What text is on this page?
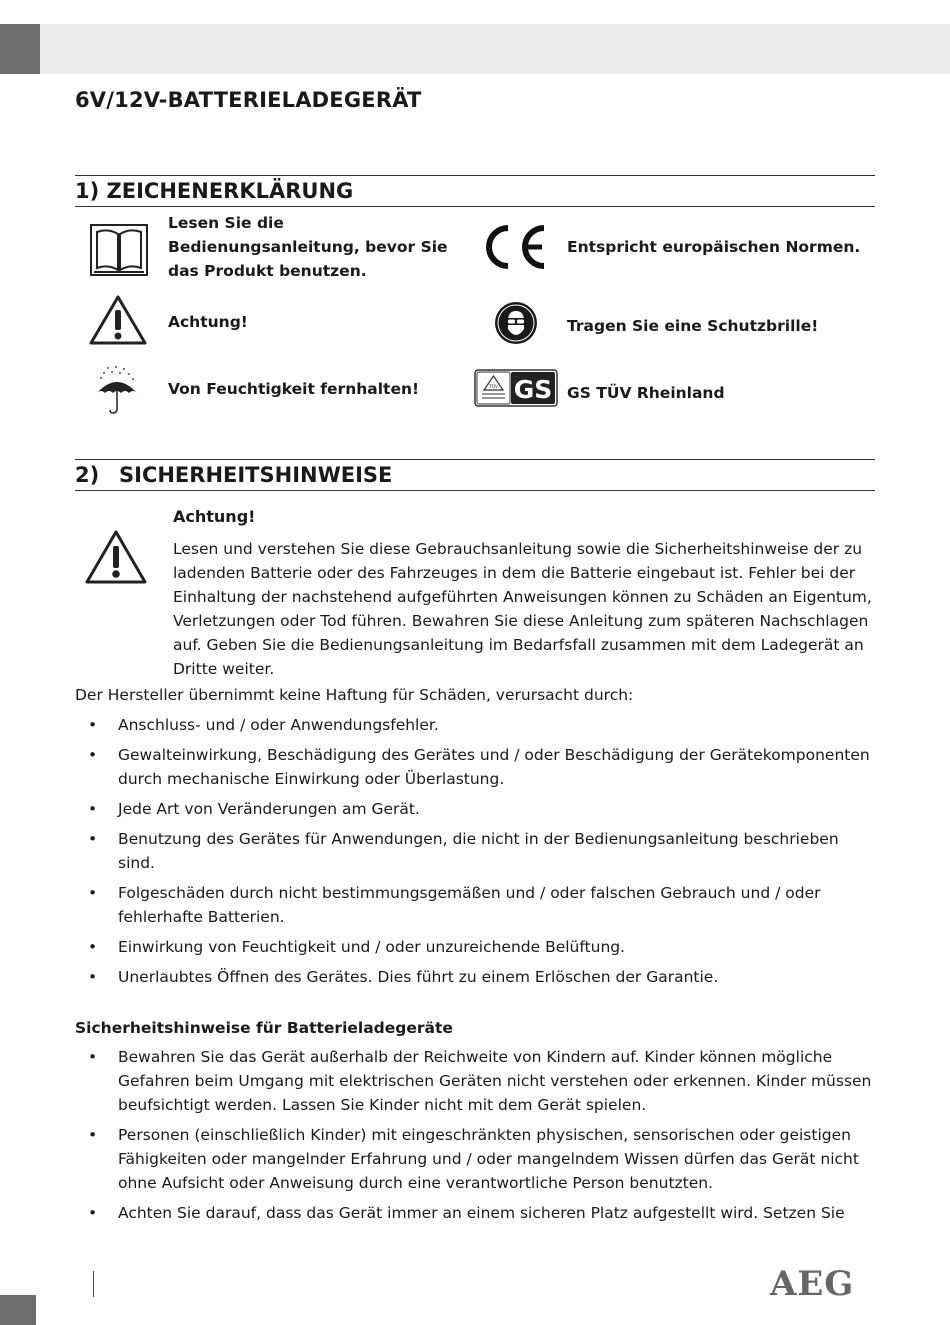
6V/12V-BATTERIELADEGERÄT
1) ZEICHENERKLÄRUNG
Lesen Sie die Bedienungsanleitung, bevor Sie das Produkt benutzen.
Entspricht europäischen Normen.
Achtung!	Tragen Sie eine Schutzbrille!
Von Feuchtigkeit fernhalten!	TÜV GS GS TÜV Rheinland
2) SICHERHEITSHINWEISE

Achtung!

Lesen und verstehen Sie diese Gebrauchsanleitung sowie die Sicherheitshinweise der zu ladenden Batterie oder des Fahrzeuges in dem die Batterie eingebaut ist. Fehler bei der Einhaltung der nachstehend aufgeführten Anweisungen können zu Schäden an Eigentum, Verletzungen oder Tod führen. Bewahren Sie diese Anleitung zum späteren Nachschlagen auf. Geben Sie die Bedienungsanleitung im Bedarfsfall zusammen mit dem Ladegerät an Dritte weiter.

Der Hersteller übernimmt keine Haftung für Schäden, verursacht durch:

• Anschluss- und / oder Anwendungsfehler.
• Gewalteinwirkung, Beschädigung des Gerätes und / oder Beschädigung der Gerätekomponenten durch mechanische Einwirkung oder Überlastung.
• Jede Art von Veränderungen am Gerät.
• Benutzung des Gerätes für Anwendungen, die nicht in der Bedienungsanleitung beschrieben sind.
• Folgeschäden durch nicht bestimmungsgemäßen und / oder falschen Gebrauch und / oder fehlerhafte Batterien.
• Einwirkung von Feuchtigkeit und / oder unzureichende Belüftung.
• Unerlaubtes Öffnen des Gerätes. Dies führt zu einem Erlöschen der Garantie.

Sicherheitshinweise für Batterieladegeräte

• Bewahren Sie das Gerät außerhalb der Reichweite von Kindern auf. Kinder können mögliche Gefahren beim Umgang mit elektrischen Geräten nicht verstehen oder erkennen. Kinder müssen beufsichtigt werden. Lassen Sie Kinder nicht mit dem Gerät spielen.
• Personen (einschließlich Kinder) mit eingeschränkten physischen, sensorischen oder geistigen Fähigkeiten oder mangelnder Erfahrung und / oder mangelndem Wissen dürfen das Gerät nicht ohne Aufsicht oder Anweisung durch eine verantwortliche Person benutzten.
• Achten Sie darauf, dass das Gerät immer an einem sicheren Platz aufgestellt wird. Setzen Sie
AEG
